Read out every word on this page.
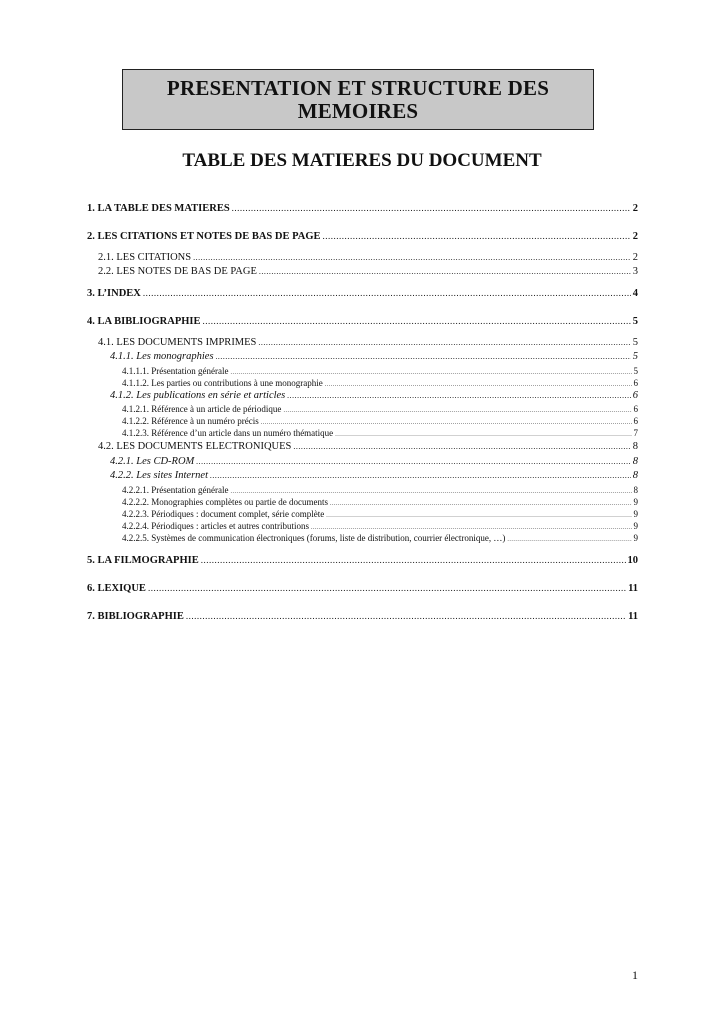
PRESENTATION ET STRUCTURE DES
MEMOIRES
TABLE DES MATIERES DU DOCUMENT
1. LA TABLE DES MATIERES .....	2
2. LES CITATIONS ET NOTES DE BAS DE PAGE .....	2
2.1. LES CITATIONS .....	2
2.2. LES NOTES DE BAS DE PAGE .....	3
3. L’INDEX .....	4
4. LA BIBLIOGRAPHIE .....	5
4.1. LES DOCUMENTS IMPRIMES .....	5
4.1.1. Les monographies .....	5
4.1.1.1. Présentation générale .....	5
4.1.1.2. Les parties ou contributions à une monographie .....	6
4.1.2. Les publications en série et articles .....	6
4.1.2.1. Référence à un article de périodique .....	6
4.1.2.2. Référence à un numéro précis .....	6
4.1.2.3. Référence d’un article dans un numéro thématique .....	7
4.2. LES DOCUMENTS ELECTRONIQUES .....	8
4.2.1. Les CD-ROM .....	8
4.2.2. Les sites Internet .....	8
4.2.2.1. Présentation générale .....	8
4.2.2.2. Monographies complètes ou partie de documents .....	9
4.2.2.3. Périodiques : document complet, série complète .....	9
4.2.2.4. Périodiques : articles et autres contributions .....	9
4.2.2.5. Systèmes de communication électroniques (forums, liste de distribution, courrier électronique, …) .....	9
5. LA FILMOGRAPHIE .....	10
6. LEXIQUE .....	11
7. BIBLIOGRAPHIE .....	11
1
